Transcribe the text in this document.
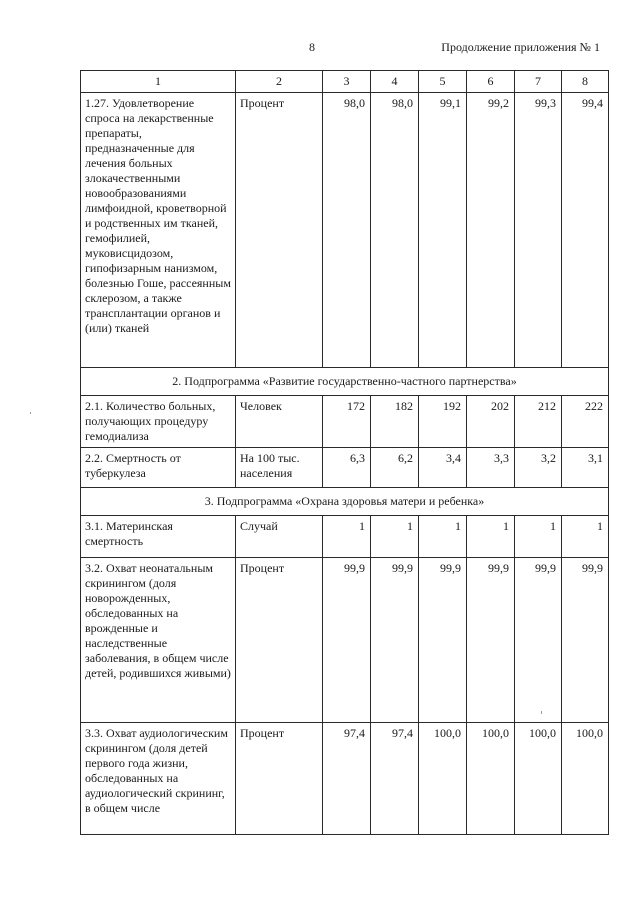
8	Продолжение приложения № 1
1	2	3	4	5	6	7	8
1.27. Удовлетворение спроса на лекарственные препараты, предназначенные для лечения больных злокачественными новообразованиями лимфоидной, кроветворной и родственных им тканей, гемофилией, муковисцидозом, гипофизарным нанизмом, болезнью Гоше, рассеянным склерозом, а также трансплантации органов и (или) тканей	Процент	98,0	98,0	99,1	99,2	99,3	99,4
2. Подпрограмма «Развитие государственно-частного партнерства»							
2.1. Количество больных, получающих процедуру гемодиализа	Человек	172	182	192	202	212	222
2.2. Смертность от туберкулеза	На 100 тыс. населения	6,3	6,2	3,4	3,3	3,2	3,1
3. Подпрограмма «Охрана здоровья матери и ребенка»							
3.1. Материнская смертность	Случай	1	1	1	1	1	1
3.2. Охват неонатальным скринингом (доля новорожденных, обследованных на врожденные и наследственные заболевания, в общем числе детей, родившихся живыми)	Процент	99,9	99,9	99,9	99,9	99,9	99,9
3.3. Охват аудиологическим скринингом (доля детей первого года жизни, обследованных на аудиологический скрининг, в общем числе	Процент	97,4	97,4	100,0	100,0	100,0	100,0
